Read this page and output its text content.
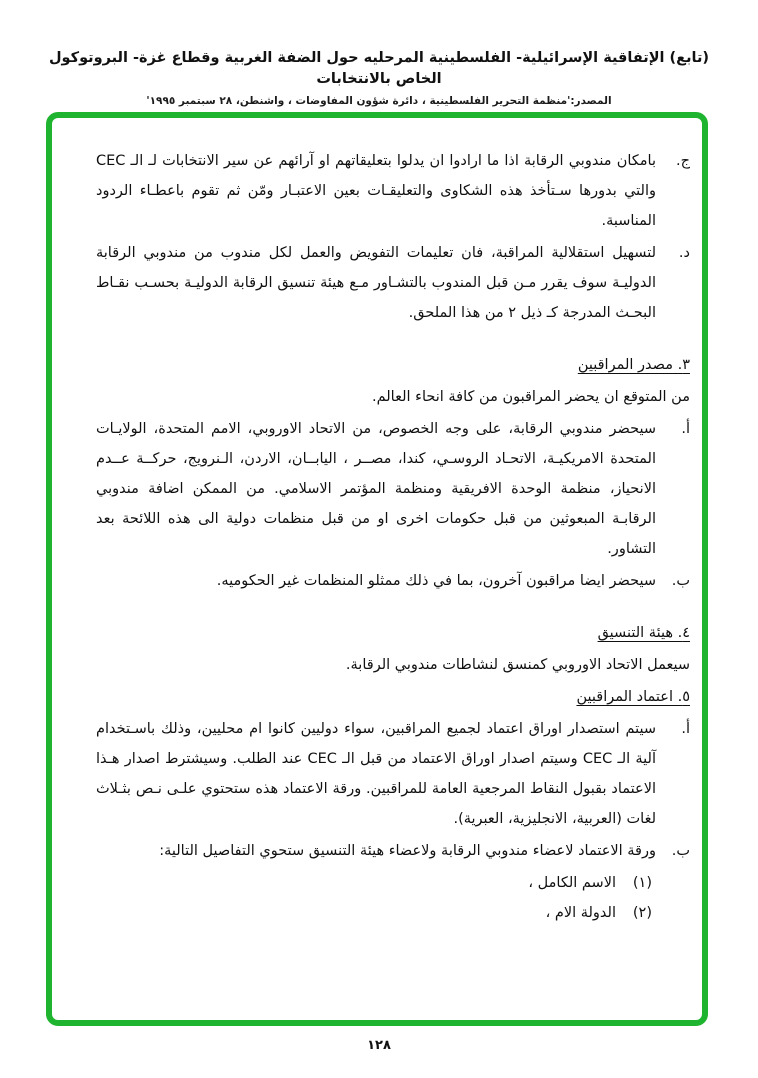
(تابع) الإتفاقية الإسرائيلية- الفلسطينية المرحليه حول الضفة الغربية وقطاع غزة- البروتوكول الخاص بالانتخابات
المصدر:'منظمة التحرير الفلسطينية ، دائرة شؤون المفاوضات ، واشنطن، ٢٨ سبتمبر ١٩٩٥'
ج.
بامكان مندوبي الرقابة اذا ما ارادوا ان يدلوا بتعليقاتهم او آرائهم عن سير الانتخابات لـ الـ CEC والتي بدورها سـتأخذ هذه الشكاوى والتعليقـات بعين الاعتبـار ومّن ثم تقوم باعطـاء الردود المناسبة.
د.
لتسهيل استقلالية المراقبة، فان تعليمات التفويض والعمل لكل مندوب من مندوبي الرقابة الدوليـة سوف يقرر مـن قبل المندوب بالتشـاور مـع هيئة تنسيق الرقابة الدوليـة بحسـب نقـاط البحـث المدرجة كـ ذيل ٢ من هذا الملحق.
٣. مصدر المراقبين
من المتوقع ان يحضر المراقبون من كافة انحاء العالم.
أ.
سيحضر مندوبي الرقابة، على وجه الخصوص، من الاتحاد الاوروبي، الامم المتحدة، الولايـات المتحدة الامريكيـة، الاتحـاد الروسـي، كندا، مصــر ، اليابــان، الاردن، الـنرويج، حركــة عــدم الانحياز، منظمة الوحدة الافريقية ومنظمة المؤتمر الاسلامي. من الممكن اضافة مندوبي الرقابـة المبعوثين من قبل حكومات اخرى او من قبل منظمات دولية الى هذه اللائحة بعد التشاور.
ب.
سيحضر ايضا مراقبون آخرون، بما في ذلك ممثلو المنظمات غير الحكوميه.
٤. هيئة التنسيق
سيعمل الاتحاد الاوروبي كمنسق لنشاطات مندوبي الرقابة.
٥. اعتماد المراقبين
أ.
سيتم استصدار اوراق اعتماد لجميع المراقبين، سواء دوليين كانوا ام محليين، وذلك باسـتخدام آلية الـ CEC وسيتم اصدار اوراق الاعتماد من قبل الـ CEC عند الطلب. وسيشترط اصدار هـذا الاعتماد بقبول النقاط المرجعية العامة للمراقبين. ورقة الاعتماد هذه ستحتوي علـى نـص بثـلاث لغات (العربية، الانجليزية، العبرية).
ب.
ورقة الاعتماد لاعضاء مندوبي الرقابة ولاعضاء هيئة التنسيق ستحوي التفاصيل التالية:
(١)
الاسم الكامل ،
(٢)
الدولة الام ،
١٢٨
